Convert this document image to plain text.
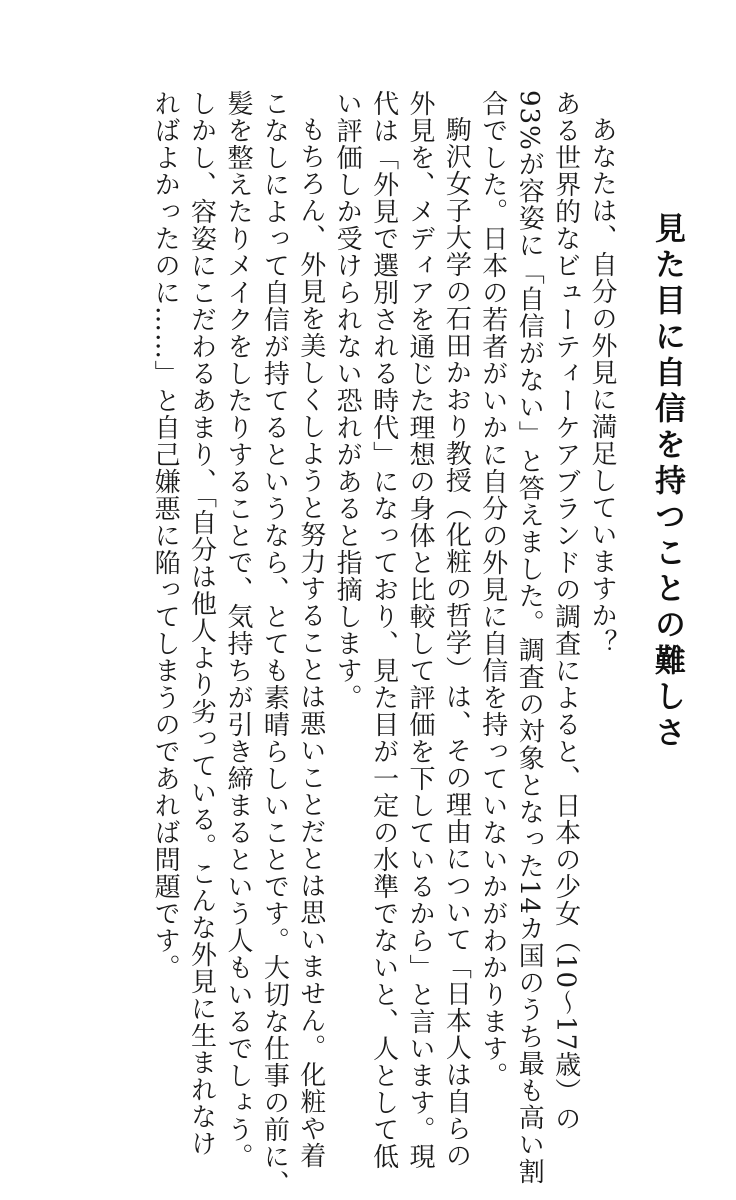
見た目に自信を持つことの難しさ
あなたは、自分の外見に満足していますか？
ある世界的なビューティーケアブランドの調査によると、日本の少女（10〜17歳）の
93%が容姿に「自信がない」と答えました。調査の対象となった14カ国のうち最も高い割
合でした。日本の若者がいかに自分の外見に自信を持っていないかがわかります。
駒沢女子大学の石田かおり教授（化粧の哲学）は、その理由について「日本人は自らの
外見を、メディアを通じた理想の身体と比較して評価を下しているから」と言います。現
代は「外見で選別される時代」になっており、見た目が一定の水準でないと、人として低
い評価しか受けられない恐れがあると指摘します。
もちろん、外見を美しくしようと努力することは悪いことだとは思いません。化粧や着
こなしによって自信が持てるというなら、とても素晴らしいことです。大切な仕事の前に、
髪を整えたりメイクをしたりすることで、気持ちが引き締まるという人もいるでしょう。
しかし、容姿にこだわるあまり、「自分は他人より劣っている。こんな外見に生まれなけ
ればよかったのに……」と自己嫌悪に陥ってしまうのであれば問題です。
